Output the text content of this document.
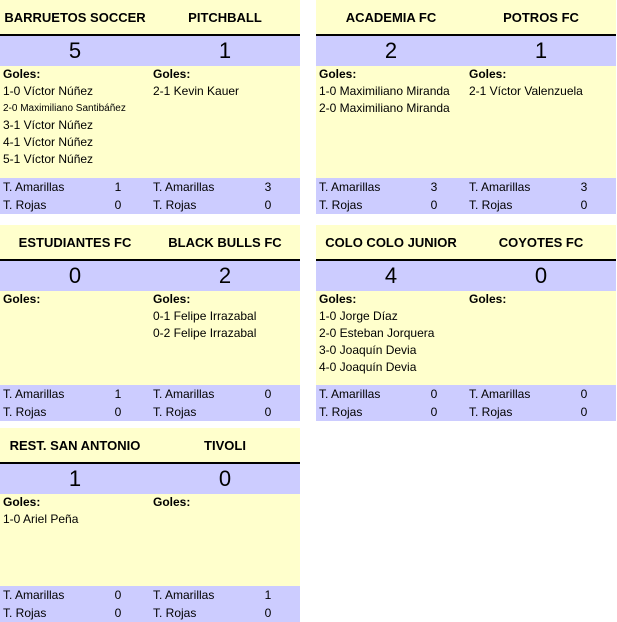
BARRUETOS SOCCER	PITCHBALL
5	1
Goles:
1-0 Víctor Núñez
2-0 Maximiliano Santibáñez
3-1 Víctor Núñez
4-1 Víctor Núñez
5-1 Víctor Núñez
Goles:
2-1 Kevin Kauer
T. Amarillas	1	T. Amarillas	3
T. Rojas	0	T. Rojas	0
ACADEMIA FC	POTROS FC
2	1
Goles:
1-0 Maximiliano Miranda
2-0 Maximiliano Miranda
Goles:
2-1 Víctor Valenzuela
T. Amarillas	3	T. Amarillas	3
T. Rojas	0	T. Rojas	0
ESTUDIANTES FC	BLACK BULLS FC
0	2
Goles:	Goles:
0-1 Felipe Irrazabal
0-2 Felipe Irrazabal
T. Amarillas	1	T. Amarillas	0
T. Rojas	0	T. Rojas	0
COLO COLO JUNIOR	COYOTES FC
4	0
Goles:
1-0 Jorge Díaz
2-0 Esteban Jorquera
3-0 Joaquín Devia
4-0 Joaquín Devia
Goles:
T. Amarillas	0	T. Amarillas	0
T. Rojas	0	T. Rojas	0
REST. SAN ANTONIO	TIVOLI
1	0
Goles:
1-0 Ariel Peña
Goles:
T. Amarillas	0	T. Amarillas	1
T. Rojas	0	T. Rojas	0
